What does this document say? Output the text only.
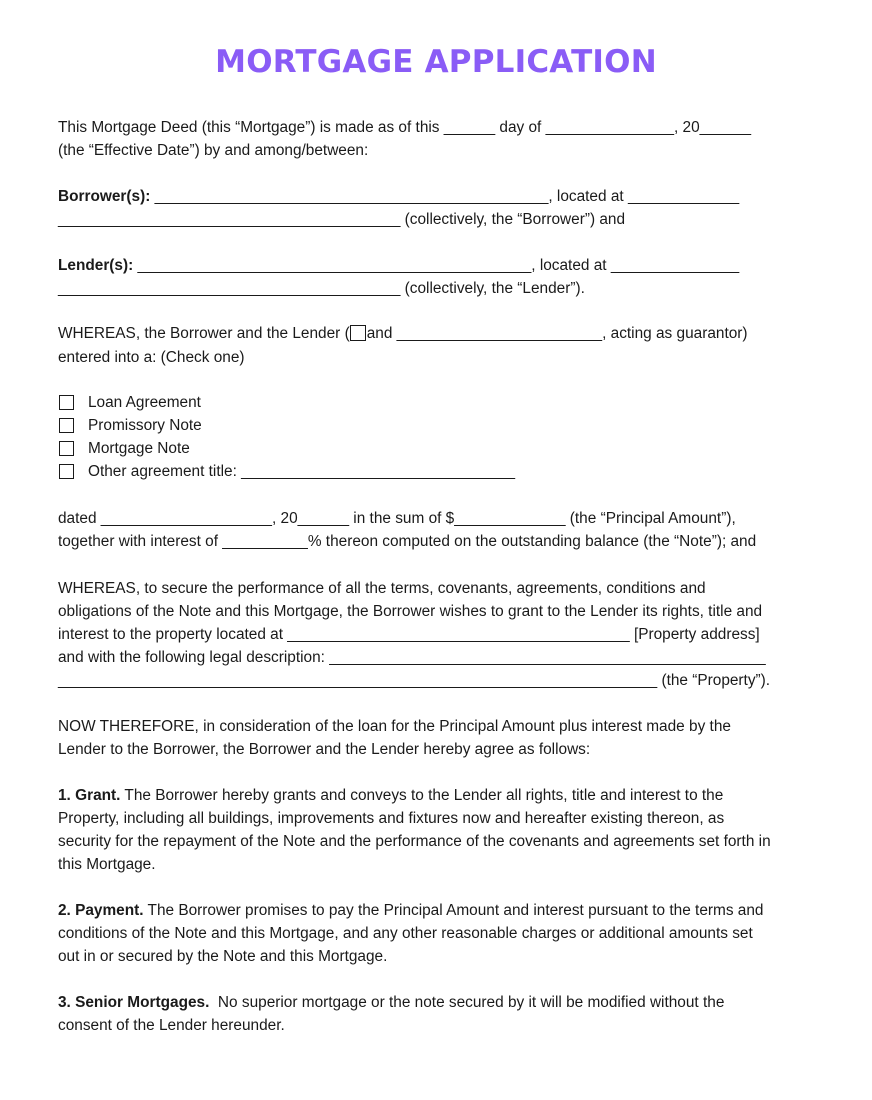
MORTGAGE APPLICATION
This Mortgage Deed (this “Mortgage”) is made as of this ______ day of _______________, 20______
(the “Effective Date”) by and among/between:
Borrower(s): ______________________________________________, located at _____________
________________________________________ (collectively, the “Borrower”) and
Lender(s): ______________________________________________, located at _______________
________________________________________ (collectively, the “Lender”).
WHEREAS, the Borrower and the Lender ( and ________________________, acting as guarantor)
entered into a: (Check one)
Loan Agreement
Promissory Note
Mortgage Note
Other agreement title: ________________________________
dated ____________________, 20______ in the sum of $_____________ (the “Principal Amount”),
together with interest of __________% thereon computed on the outstanding balance (the “Note”); and
WHEREAS, to secure the performance of all the terms, covenants, agreements, conditions and
obligations of the Note and this Mortgage, the Borrower wishes to grant to the Lender its rights, title and
interest to the property located at ________________________________________ [Property address]
and with the following legal description: ___________________________________________________
______________________________________________________________________ (the “Property”).
NOW THEREFORE, in consideration of the loan for the Principal Amount plus interest made by the
Lender to the Borrower, the Borrower and the Lender hereby agree as follows:
1. Grant. The Borrower hereby grants and conveys to the Lender all rights, title and interest to the
Property, including all buildings, improvements and fixtures now and hereafter existing thereon, as
security for the repayment of the Note and the performance of the covenants and agreements set forth in
this Mortgage.
2. Payment. The Borrower promises to pay the Principal Amount and interest pursuant to the terms and
conditions of the Note and this Mortgage, and any other reasonable charges or additional amounts set
out in or secured by the Note and this Mortgage.
3. Senior Mortgages.  No superior mortgage or the note secured by it will be modified without the
consent of the Lender hereunder.
